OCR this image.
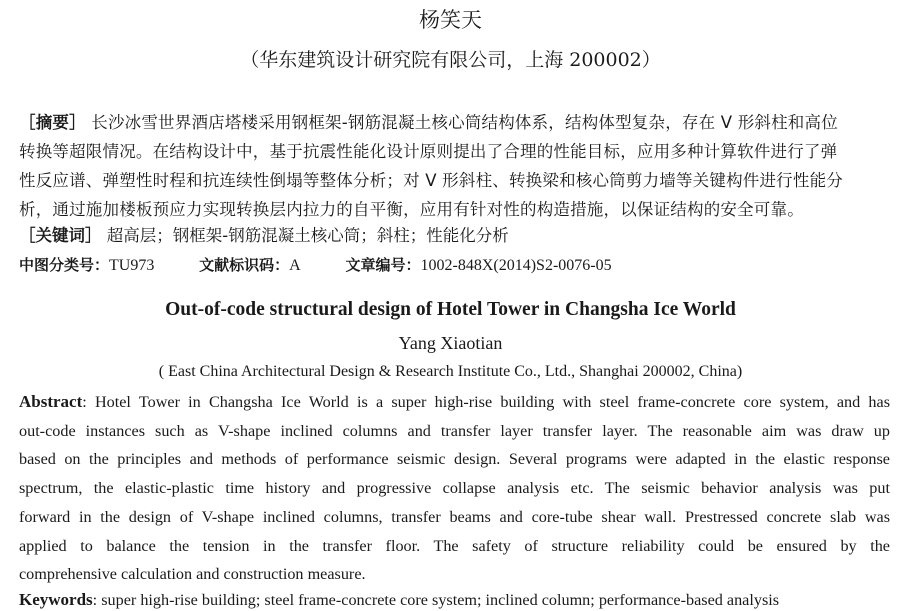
杨笑天
（华东建筑设计研究院有限公司，上海 200002）
［摘要］ 长沙冰雪世界酒店塔楼采用钢框架-钢筋混凝土核心筒结构体系，结构体型复杂，存在 V 形斜柱和高位
转换等超限情况。在结构设计中，基于抗震性能化设计原则提出了合理的性能目标，应用多种计算软件进行了弹
性反应谱、弹塑性时程和抗连续性倒塌等整体分析；对 V 形斜柱、转换梁和核心筒剪力墙等关键构件进行性能分
析，通过施加楼板预应力实现转换层内拉力的自平衡，应用有针对性的构造措施，以保证结构的安全可靠。
［关键词］ 超高层；钢框架-钢筋混凝土核心筒；斜柱；性能化分析
中图分类号：TU973	文献标识码：A	文章编号：1002-848X(2014)S2-0076-05
Out-of-code structural design of Hotel Tower in Changsha Ice World
Yang Xiaotian
( East China Architectural Design & Research Institute Co., Ltd., Shanghai 200002, China)
Abstract: Hotel Tower in Changsha Ice World is a super high-rise building with steel frame-concrete core system, and has
out-code instances such as V-shape inclined columns and transfer layer transfer layer. The reasonable aim was draw up
based on the principles and methods of performance seismic design. Several programs were adapted in the elastic response
spectrum, the elastic-plastic time history and progressive collapse analysis etc. The seismic behavior analysis was put
forward in the design of V-shape inclined columns, transfer beams and core-tube shear wall. Prestressed concrete slab was
applied to balance the tension in the transfer floor. The safety of structure reliability could be ensured by the
comprehensive calculation and construction measure.
Keywords: super high-rise building; steel frame-concrete core system; inclined column; performance-based analysis
